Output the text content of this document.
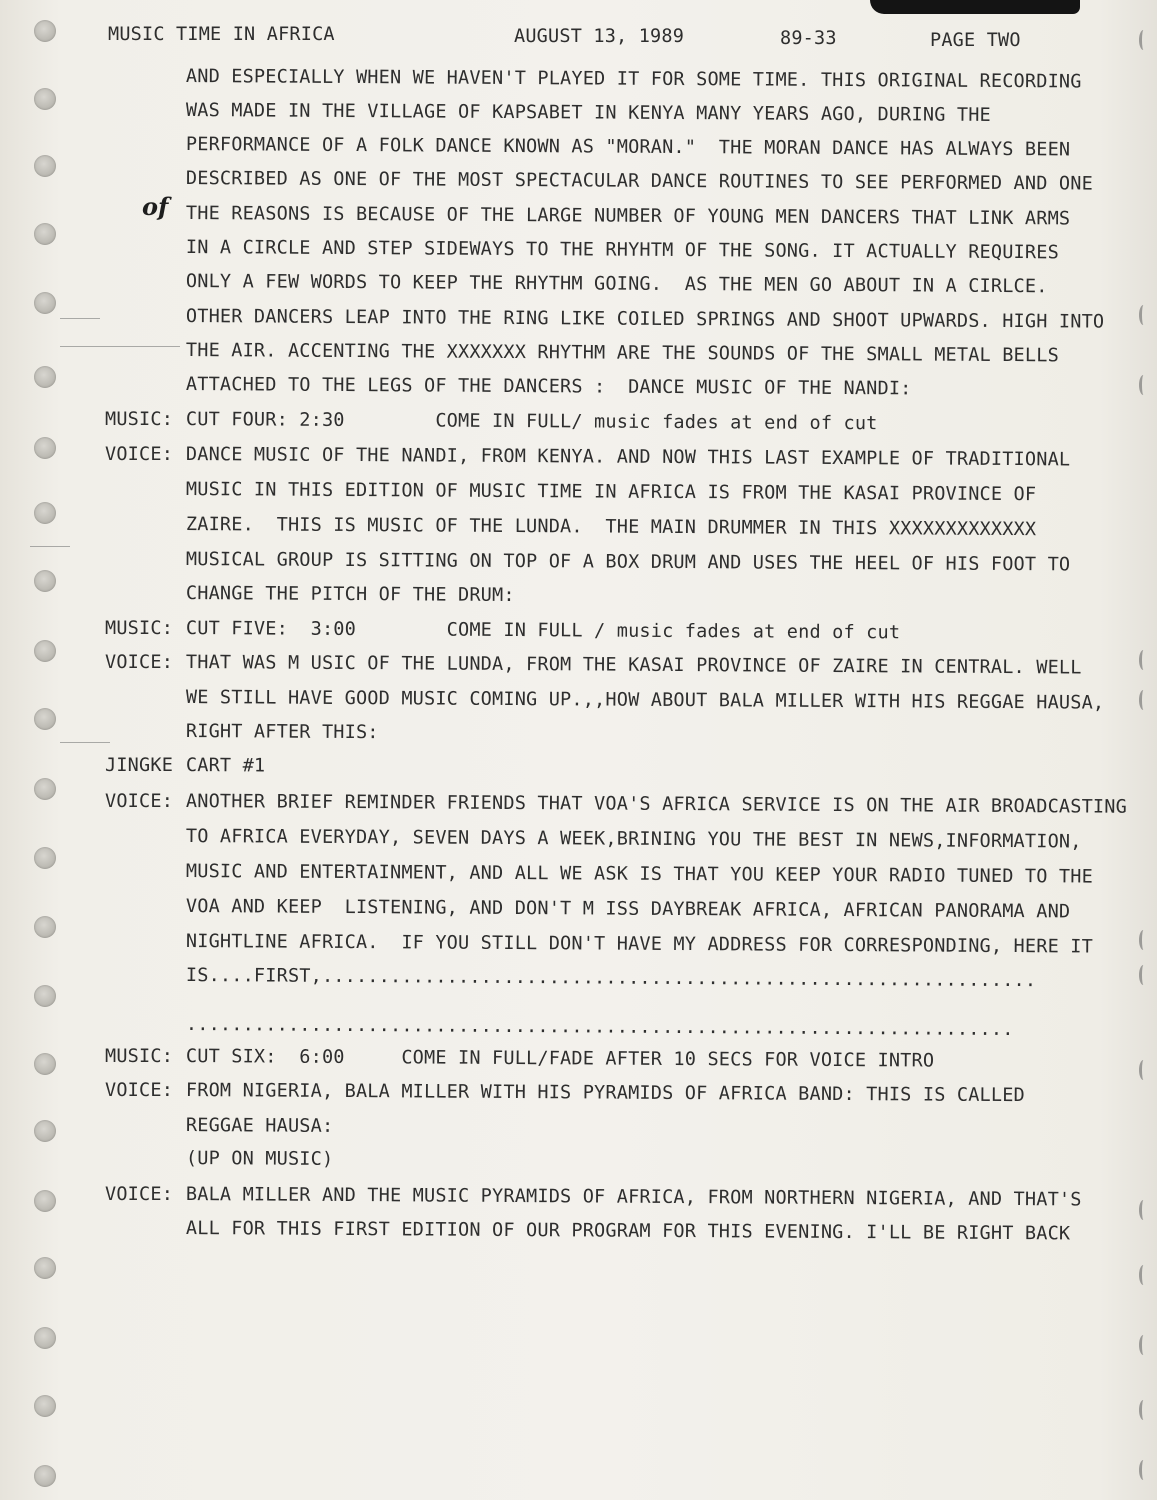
MUSIC TIME IN AFRICA	AUGUST 13, 1989	89-33	PAGE TWO
of
AND ESPECIALLY WHEN WE HAVEN'T PLAYED IT FOR SOME TIME. THIS ORIGINAL RECORDING
WAS MADE IN THE VILLAGE OF KAPSABET IN KENYA MANY YEARS AGO, DURING THE
PERFORMANCE OF A FOLK DANCE KNOWN AS "MORAN."  THE MORAN DANCE HAS ALWAYS BEEN
DESCRIBED AS ONE OF THE MOST SPECTACULAR DANCE ROUTINES TO SEE PERFORMED AND ONE
THE REASONS IS BECAUSE OF THE LARGE NUMBER OF YOUNG MEN DANCERS THAT LINK ARMS
IN A CIRCLE AND STEP SIDEWAYS TO THE RHYHTM OF THE SONG. IT ACTUALLY REQUIRES
ONLY A FEW WORDS TO KEEP THE RHYTHM GOING.  AS THE MEN GO ABOUT IN A CIRLCE.
OTHER DANCERS LEAP INTO THE RING LIKE COILED SPRINGS AND SHOOT UPWARDS. HIGH INTO
THE AIR. ACCENTING THE XXXXXXX RHYTHM ARE THE SOUNDS OF THE SMALL METAL BELLS
ATTACHED TO THE LEGS OF THE DANCERS :  DANCE MUSIC OF THE NANDI:
MUSIC: CUT FOUR: 2:30        COME IN FULL/ music fades at end of cut
VOICE: DANCE MUSIC OF THE NANDI, FROM KENYA. AND NOW THIS LAST EXAMPLE OF TRADITIONAL
MUSIC IN THIS EDITION OF MUSIC TIME IN AFRICA IS FROM THE KASAI PROVINCE OF
ZAIRE.  THIS IS MUSIC OF THE LUNDA.  THE MAIN DRUMMER IN THIS XXXXXXXXXXXXX
MUSICAL GROUP IS SITTING ON TOP OF A BOX DRUM AND USES THE HEEL OF HIS FOOT TO
CHANGE THE PITCH OF THE DRUM:
MUSIC: CUT FIVE:  3:00        COME IN FULL / music fades at end of cut
VOICE: THAT WAS M USIC OF THE LUNDA, FROM THE KASAI PROVINCE OF ZAIRE IN CENTRAL. WELL
WE STILL HAVE GOOD MUSIC COMING UP.,,HOW ABOUT BALA MILLER WITH HIS REGGAE HAUSA,
RIGHT AFTER THIS:
JINGKE CART #1
VOICE: ANOTHER BRIEF REMINDER FRIENDS THAT VOA'S AFRICA SERVICE IS ON THE AIR BROADCASTING
TO AFRICA EVERYDAY, SEVEN DAYS A WEEK,BRINING YOU THE BEST IN NEWS,INFORMATION,
MUSIC AND ENTERTAINMENT, AND ALL WE ASK IS THAT YOU KEEP YOUR RADIO TUNED TO THE
VOA AND KEEP  LISTENING, AND DON'T M ISS DAYBREAK AFRICA, AFRICAN PANORAMA AND
NIGHTLINE AFRICA.  IF YOU STILL DON'T HAVE MY ADDRESS FOR CORRESPONDING, HERE IT
IS....FIRST,...............................................................
.........................................................................
MUSIC: CUT SIX:  6:00     COME IN FULL/FADE AFTER 10 SECS FOR VOICE INTRO
VOICE: FROM NIGERIA, BALA MILLER WITH HIS PYRAMIDS OF AFRICA BAND: THIS IS CALLED
REGGAE HAUSA:
(UP ON MUSIC)
VOICE: BALA MILLER AND THE MUSIC PYRAMIDS OF AFRICA, FROM NORTHERN NIGERIA, AND THAT'S
ALL FOR THIS FIRST EDITION OF OUR PROGRAM FOR THIS EVENING. I'LL BE RIGHT BACK
